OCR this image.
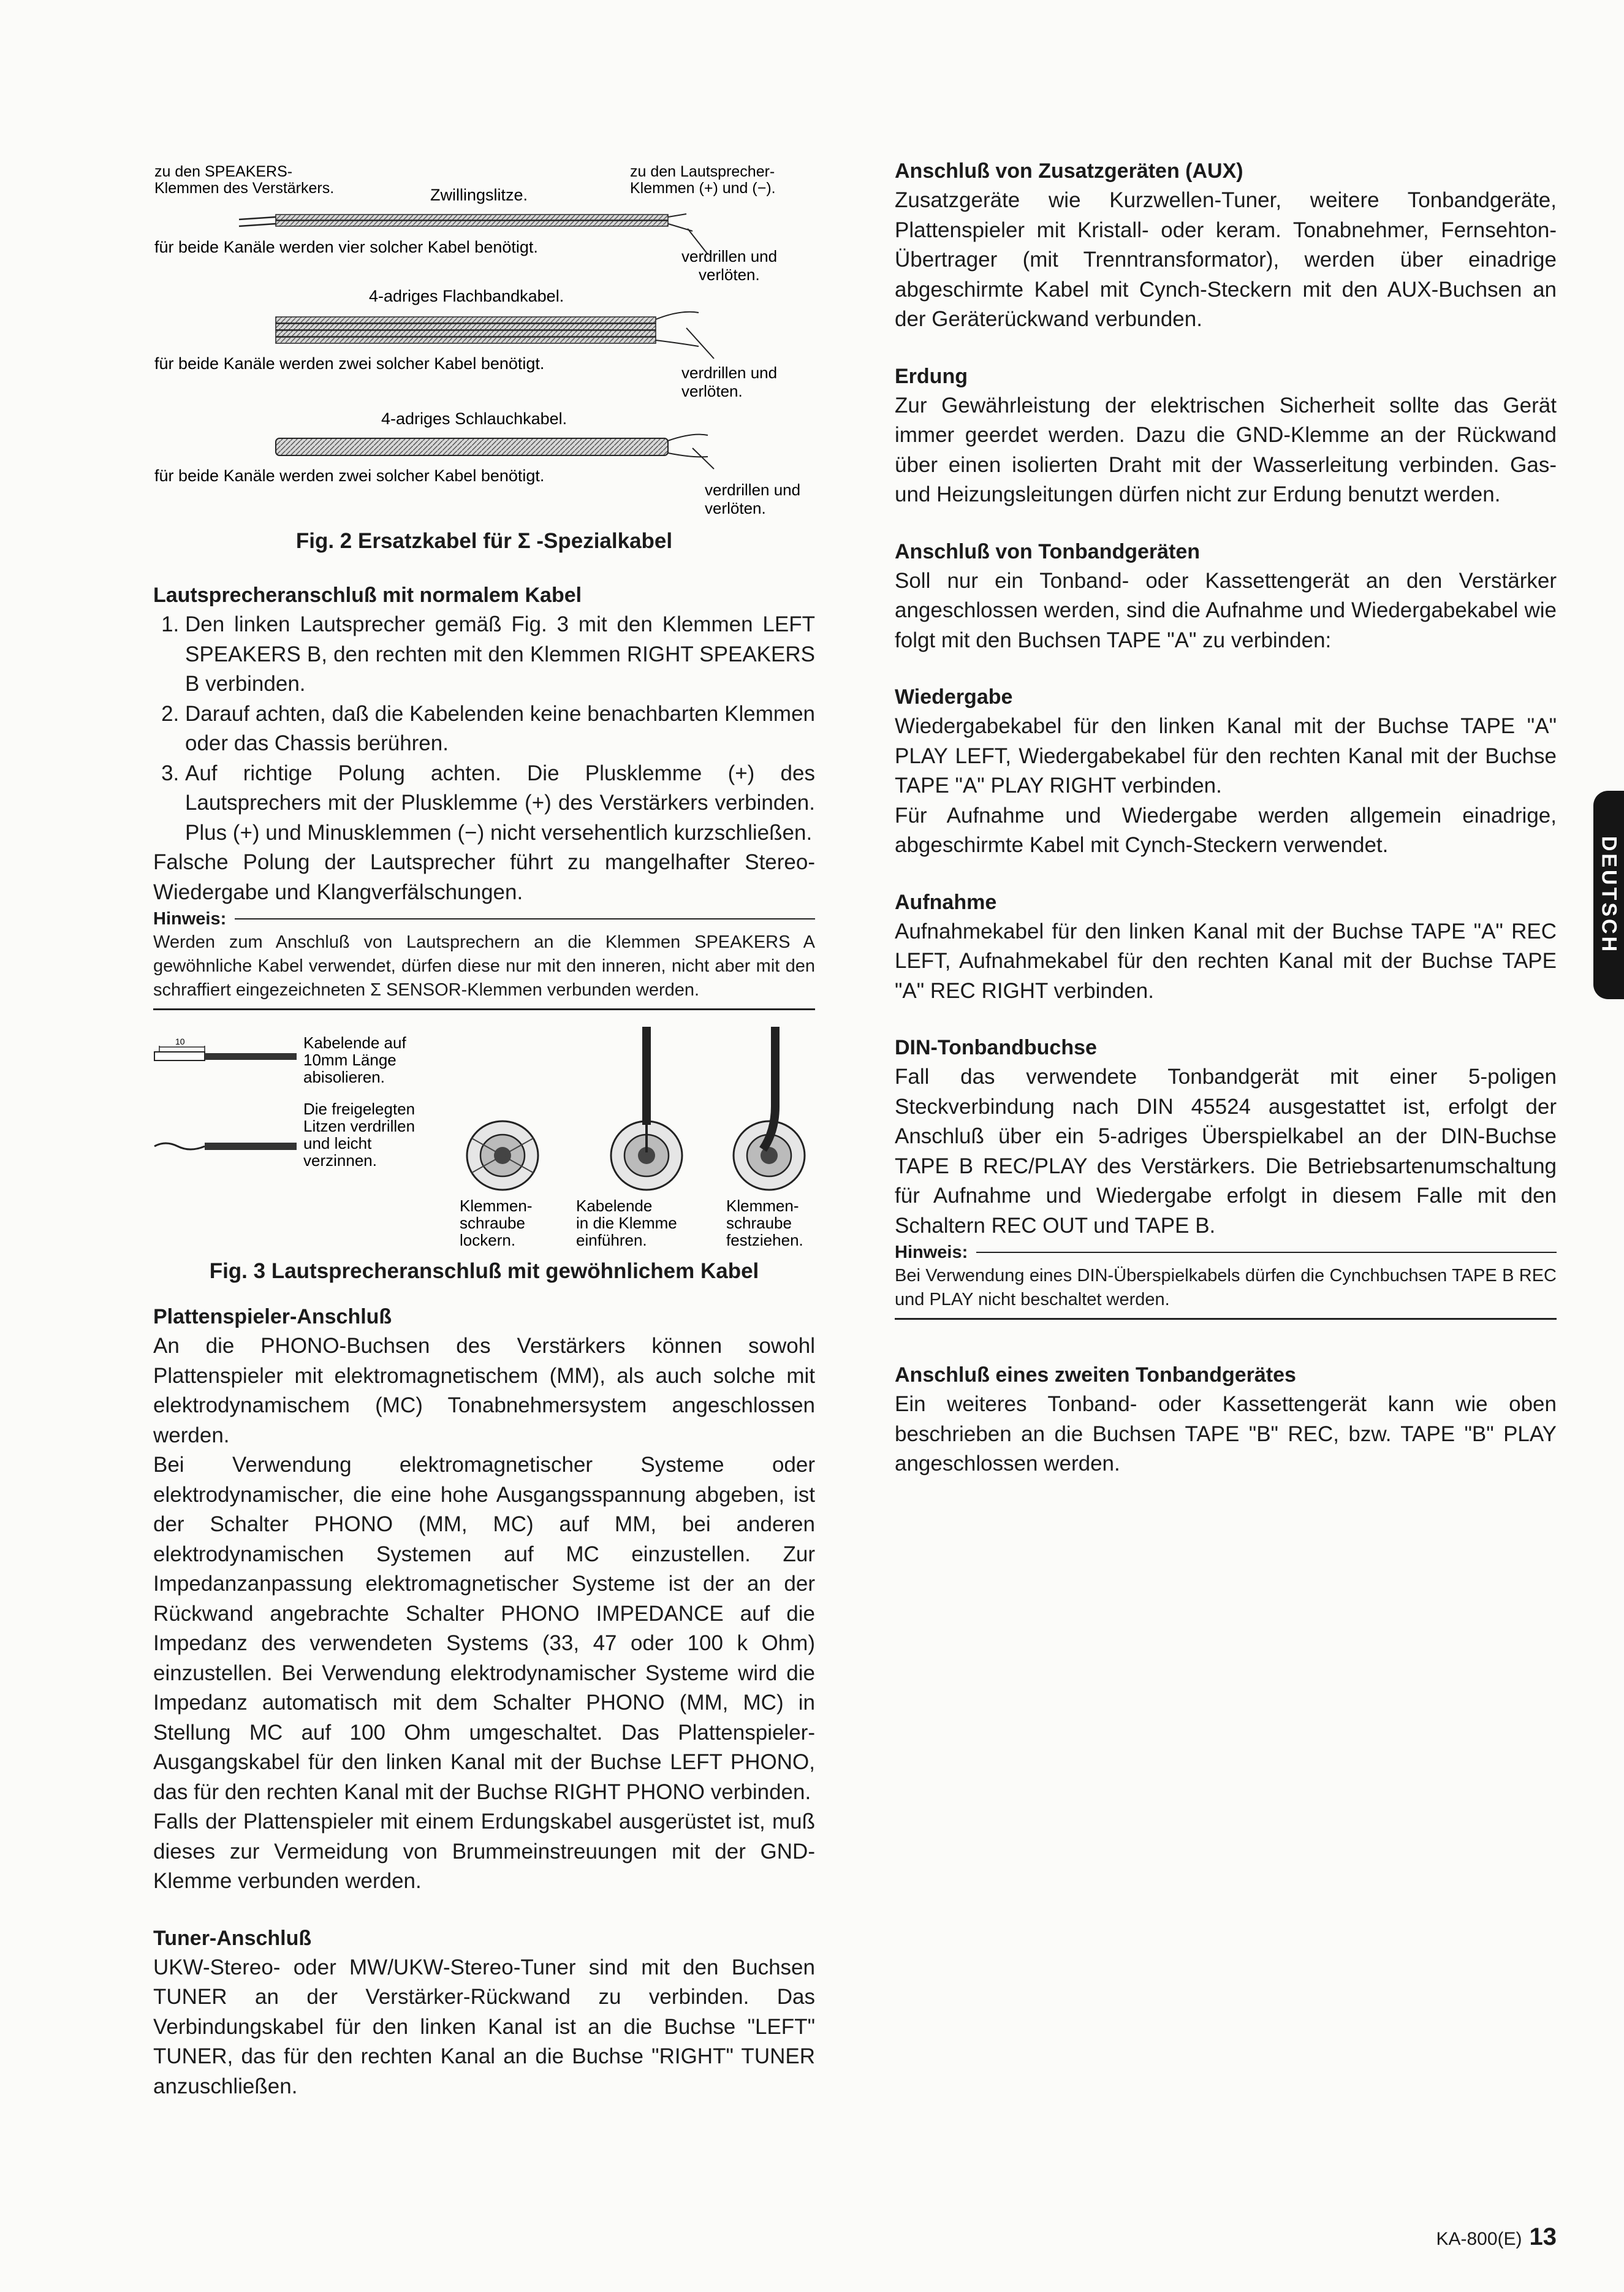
zu den SPEAKERS-
Klemmen des Verstärkers.	Zwillingslitze.
zu den Lautsprecher-
Klemmen (+) und (−).
für beide Kanäle werden vier solcher Kabel benötigt.	verdrillen und
verlöten.
4-adriges Flachbandkabel.
für beide Kanäle werden zwei solcher Kabel benötigt.	verdrillen und
verlöten.
4-adriges Schlauchkabel.
für beide Kanäle werden zwei solcher Kabel benötigt.
verdrillen und
verlöten.
Fig. 2 Ersatzkabel für Σ -Spezialkabel
Lautsprecheranschluß mit normalem Kabel
1. Den linken Lautsprecher gemäß Fig. 3 mit den Klemmen LEFT SPEAKERS B, den rechten mit den Klemmen RIGHT SPEAKERS B verbinden.
2. Darauf achten, daß die Kabelenden keine benachbarten Klemmen oder das Chassis berühren.
3. Auf richtige Polung achten. Die Plusklemme (+) des Lautsprechers mit der Plusklemme (+) des Verstärkers verbinden. Plus (+) und Minusklemmen (−) nicht versehentlich kurzschließen.

Falsche Polung der Lautsprecher führt zu mangelhafter Stereo-Wiedergabe und Klangverfälschungen.

Hinweis:
Werden zum Anschluß von Lautsprechern an die Klemmen SPEAKERS A gewöhnliche Kabel verwendet, dürfen diese nur mit den inneren, nicht aber mit den schraffiert eingezeichneten Σ SENSOR-Klemmen verbunden werden.
10	Kabelende auf
10mm Länge
abisolieren.
Die freigelegten
Litzen verdrillen
und leicht
verzinnen.
Klemmen-
schraube
lockern.
Kabelende
in die Klemme
einführen.
Klemmen-
schraube
festziehen.
Fig. 3 Lautsprecheranschluß mit gewöhnlichem Kabel
Plattenspieler-Anschluß

An die PHONO-Buchsen des Verstärkers können sowohl Plattenspieler mit elektromagnetischem (MM), als auch solche mit elektrodynamischem (MC) Tonabnehmersystem angeschlossen werden.

Bei Verwendung elektromagnetischer Systeme oder elektrodynamischer, die eine hohe Ausgangsspannung abgeben, ist der Schalter PHONO (MM, MC) auf MM, bei anderen elektrodynamischen Systemen auf MC einzustellen. Zur Impedanzanpassung elektromagnetischer Systeme ist der an der Rückwand angebrachte Schalter PHONO IMPEDANCE auf die Impedanz des verwendeten Systems (33, 47 oder 100 k Ohm) einzustellen. Bei Verwendung elektrodynamischer Systeme wird die Impedanz automatisch mit dem Schalter PHONO (MM, MC) in Stellung MC auf 100 Ohm umgeschaltet. Das Plattenspieler-Ausgangskabel für den linken Kanal mit der Buchse LEFT PHONO, das für den rechten Kanal mit der Buchse RIGHT PHONO verbinden.

Falls der Plattenspieler mit einem Erdungskabel ausgerüstet ist, muß dieses zur Vermeidung von Brummeinstreuungen mit der GND-Klemme verbunden werden.

Tuner-Anschluß

UKW-Stereo- oder MW/UKW-Stereo-Tuner sind mit den Buchsen TUNER an der Verstärker-Rückwand zu verbinden. Das Verbindungskabel für den linken Kanal ist an die Buchse "LEFT" TUNER, das für den rechten Kanal an die Buchse "RIGHT" TUNER anzuschließen.

Anschluß von Zusatzgeräten (AUX)

Zusatzgeräte wie Kurzwellen-Tuner, weitere Tonbandgeräte, Plattenspieler mit Kristall- oder keram. Tonabnehmer, Fernsehton-Übertrager (mit Trenntransformator), werden über einadrige abgeschirmte Kabel mit Cynch-Steckern mit den AUX-Buchsen an der Geräterückwand verbunden.

Erdung

Zur Gewährleistung der elektrischen Sicherheit sollte das Gerät immer geerdet werden. Dazu die GND-Klemme an der Rückwand über einen isolierten Draht mit der Wasserleitung verbinden. Gas- und Heizungsleitungen dürfen nicht zur Erdung benutzt werden.

Anschluß von Tonbandgeräten

Soll nur ein Tonband- oder Kassettengerät an den Verstärker angeschlossen werden, sind die Aufnahme und Wiedergabekabel wie folgt mit den Buchsen TAPE "A" zu verbinden:

Wiedergabe

Wiedergabekabel für den linken Kanal mit der Buchse TAPE "A" PLAY LEFT, Wiedergabekabel für den rechten Kanal mit der Buchse TAPE "A" PLAY RIGHT verbinden.

Für Aufnahme und Wiedergabe werden allgemein einadrige, abgeschirmte Kabel mit Cynch-Steckern verwendet.

Aufnahme

Aufnahmekabel für den linken Kanal mit der Buchse TAPE "A" REC LEFT, Aufnahmekabel für den rechten Kanal mit der Buchse TAPE "A" REC RIGHT verbinden.

DIN-Tonbandbuchse

Fall das verwendete Tonbandgerät mit einer 5-poligen Steckverbindung nach DIN 45524 ausgestattet ist, erfolgt der Anschluß über ein 5-adriges Überspielkabel an der DIN-Buchse TAPE B REC/PLAY des Verstärkers. Die Betriebsartenumschaltung für Aufnahme und Wiedergabe erfolgt in diesem Falle mit den Schaltern REC OUT und TAPE B.

Hinweis:
Bei Verwendung eines DIN-Überspielkabels dürfen die Cynchbuchsen TAPE B REC und PLAY nicht beschaltet werden.
Anschluß eines zweiten Tonbandgerätes

Ein weiteres Tonband- oder Kassettengerät kann wie oben beschrieben an die Buchsen TAPE "B" REC, bzw. TAPE "B" PLAY angeschlossen werden.

DEUTSCH
KA-800(E) 13
